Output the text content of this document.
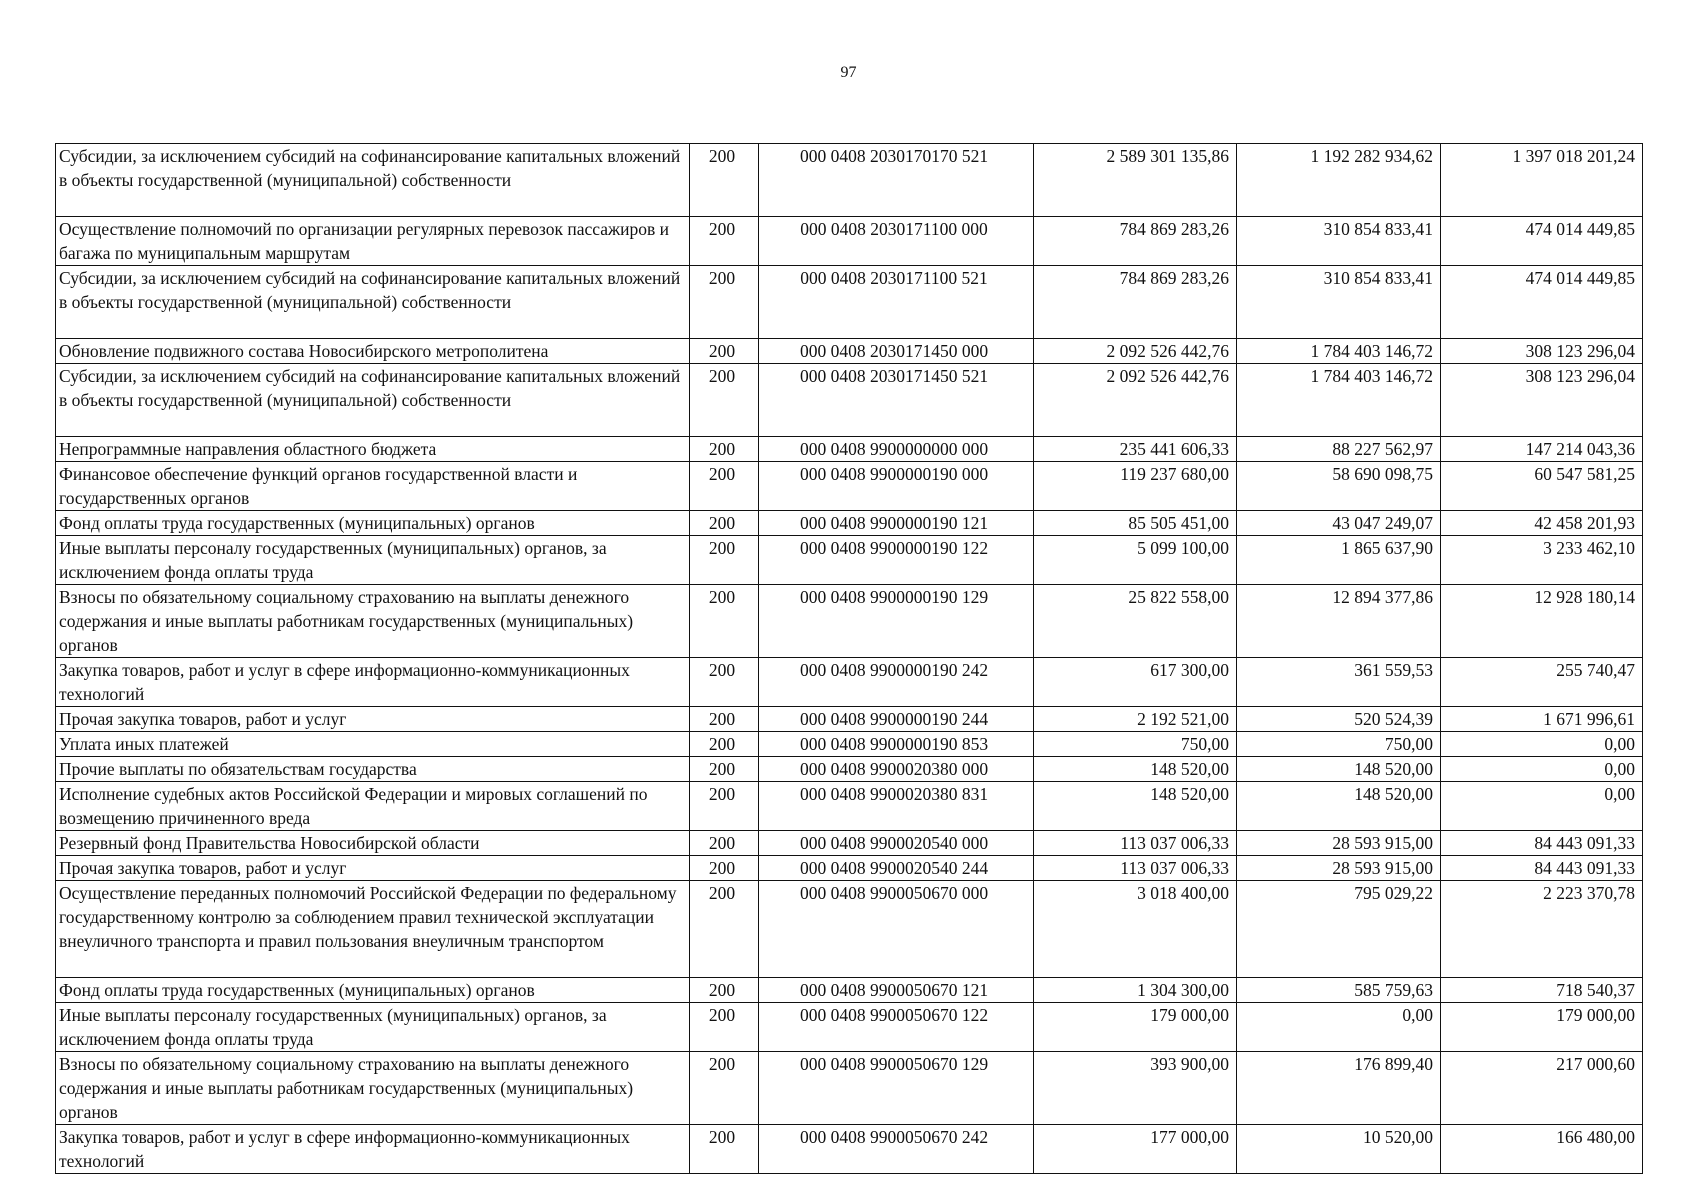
97
Субсидии, за исключением субсидий на софинансирование капитальных вложений в объекты государственной (муниципальной) собственности	200	000 0408 2030170170 521	2 589 301 135,86	1 192 282 934,62	1 397 018 201,24
Осуществление полномочий по организации регулярных перевозок пассажиров и багажа по муниципальным маршрутам	200	000 0408 2030171100 000	784 869 283,26	310 854 833,41	474 014 449,85
Субсидии, за исключением субсидий на софинансирование капитальных вложений в объекты государственной (муниципальной) собственности	200	000 0408 2030171100 521	784 869 283,26	310 854 833,41	474 014 449,85
Обновление подвижного состава Новосибирского метрополитена	200	000 0408 2030171450 000	2 092 526 442,76	1 784 403 146,72	308 123 296,04
Субсидии, за исключением субсидий на софинансирование капитальных вложений в объекты государственной (муниципальной) собственности	200	000 0408 2030171450 521	2 092 526 442,76	1 784 403 146,72	308 123 296,04
Непрограммные направления областного бюджета	200	000 0408 9900000000 000	235 441 606,33	88 227 562,97	147 214 043,36
Финансовое обеспечение функций органов государственной власти и государственных органов	200	000 0408 9900000190 000	119 237 680,00	58 690 098,75	60 547 581,25
Фонд оплаты труда государственных (муниципальных) органов	200	000 0408 9900000190 121	85 505 451,00	43 047 249,07	42 458 201,93
Иные выплаты персоналу государственных (муниципальных) органов, за исключением фонда оплаты труда	200	000 0408 9900000190 122	5 099 100,00	1 865 637,90	3 233 462,10
Взносы по обязательному социальному страхованию на выплаты денежного содержания и иные выплаты работникам государственных (муниципальных) органов	200	000 0408 9900000190 129	25 822 558,00	12 894 377,86	12 928 180,14
Закупка товаров, работ и услуг в сфере информационно-коммуникационных технологий	200	000 0408 9900000190 242	617 300,00	361 559,53	255 740,47
Прочая закупка товаров, работ и услуг	200	000 0408 9900000190 244	2 192 521,00	520 524,39	1 671 996,61
Уплата иных платежей	200	000 0408 9900000190 853	750,00	750,00	0,00
Прочие выплаты по обязательствам государства	200	000 0408 9900020380 000	148 520,00	148 520,00	0,00
Исполнение судебных актов Российской Федерации и мировых соглашений по возмещению причиненного вреда	200	000 0408 9900020380 831	148 520,00	148 520,00	0,00
Резервный фонд Правительства Новосибирской области	200	000 0408 9900020540 000	113 037 006,33	28 593 915,00	84 443 091,33
Прочая закупка товаров, работ и услуг	200	000 0408 9900020540 244	113 037 006,33	28 593 915,00	84 443 091,33
Осуществление переданных полномочий Российской Федерации по федеральному государственному контролю за соблюдением правил технической эксплуатации внеуличного транспорта и правил пользования внеуличным транспортом	200	000 0408 9900050670 000	3 018 400,00	795 029,22	2 223 370,78
Фонд оплаты труда государственных (муниципальных) органов	200	000 0408 9900050670 121	1 304 300,00	585 759,63	718 540,37
Иные выплаты персоналу государственных (муниципальных) органов, за исключением фонда оплаты труда	200	000 0408 9900050670 122	179 000,00	0,00	179 000,00
Взносы по обязательному социальному страхованию на выплаты денежного содержания и иные выплаты работникам государственных (муниципальных) органов	200	000 0408 9900050670 129	393 900,00	176 899,40	217 000,60
Закупка товаров, работ и услуг в сфере информационно-коммуникационных технологий	200	000 0408 9900050670 242	177 000,00	10 520,00	166 480,00
